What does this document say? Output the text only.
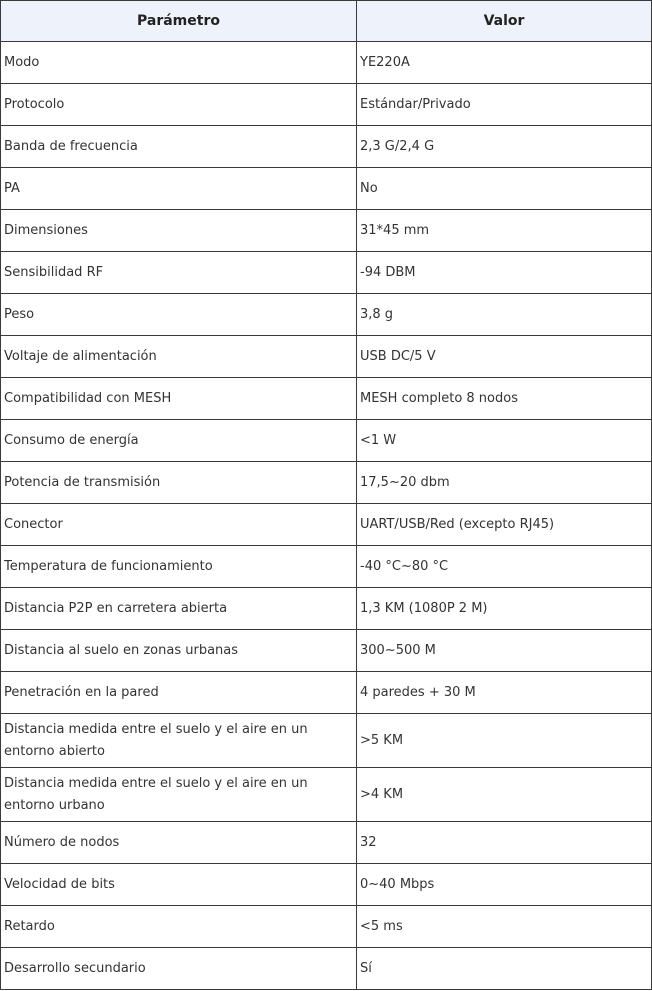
Parámetro	Valor
Modo	YE220A
Protocolo	Estándar/Privado
Banda de frecuencia	2,3 G/2,4 G
PA	No
Dimensiones	31*45 mm
Sensibilidad RF	-94 DBM
Peso	3,8 g
Voltaje de alimentación	USB DC/5 V
Compatibilidad con MESH	MESH completo 8 nodos
Consumo de energía	<1 W
Potencia de transmisión	17,5~20 dbm
Conector	UART/USB/Red (excepto RJ45)
Temperatura de funcionamiento	-40 °C~80 °C
Distancia P2P en carretera abierta	1,3 KM (1080P 2 M)
Distancia al suelo en zonas urbanas	300~500 M
Penetración en la pared	4 paredes + 30 M
Distancia medida entre el suelo y el aire en un entorno abierto	>5 KM
Distancia medida entre el suelo y el aire en un entorno urbano	>4 KM
Número de nodos	32
Velocidad de bits	0~40 Mbps
Retardo	<5 ms
Desarrollo secundario	Sí
